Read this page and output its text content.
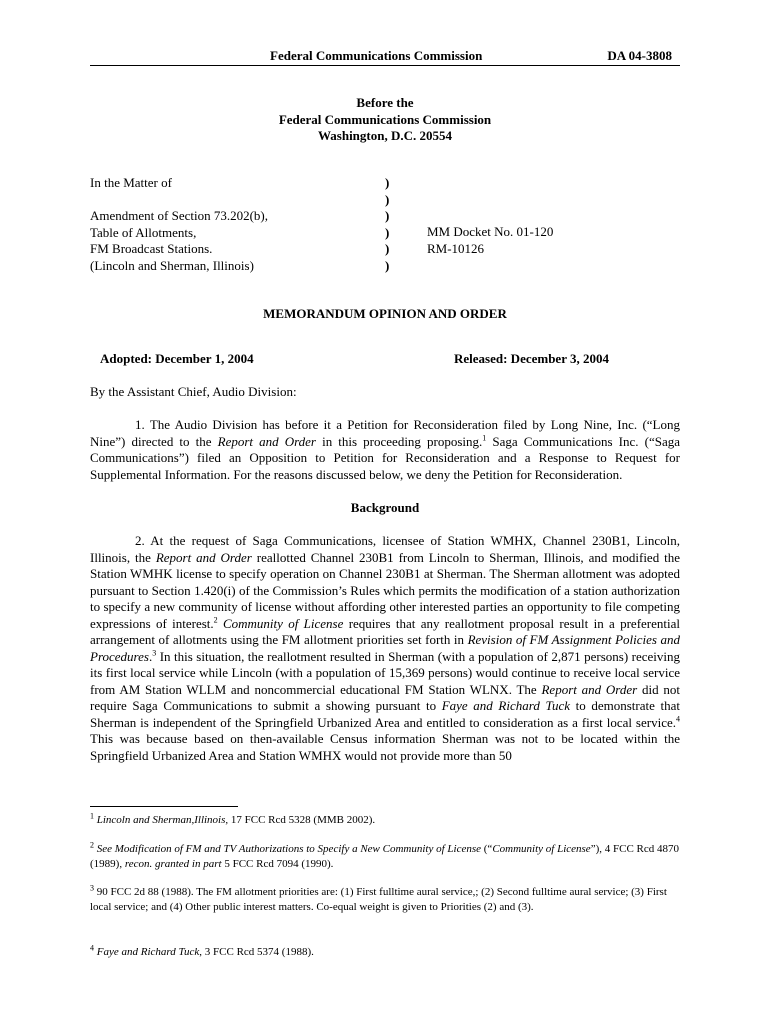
Federal Communications Commission	DA 04-3808
Before the
Federal Communications Commission
Washington, D.C. 20554
In the Matter of
Amendment of Section 73.202(b),
Table of Allotments,
FM Broadcast Stations.
(Lincoln and Sherman, Illinois)
)
)
)
)
)
)
MM Docket No. 01-120
RM-10126
MEMORANDUM OPINION AND ORDER
Adopted: December 1, 2004	Released: December 3, 2004
By the Assistant Chief, Audio Division:
1. The Audio Division has before it a Petition for Reconsideration filed by Long Nine, Inc. (“Long Nine”) directed to the Report and Order in this proceeding proposing.$^1$ Saga Communications Inc. (“Saga Communications”) filed an Opposition to Petition for Reconsideration and a Response to Request for Supplemental Information. For the reasons discussed below, we deny the Petition for Reconsideration.
Background
2. At the request of Saga Communications, licensee of Station WMHX, Channel 230B1, Lincoln, Illinois, the Report and Order reallotted Channel 230B1 from Lincoln to Sherman, Illinois, and modified the Station WMHK license to specify operation on Channel 230B1 at Sherman. The Sherman allotment was adopted pursuant to Section 1.420(i) of the Commission’s Rules which permits the modification of a station authorization to specify a new community of license without affording other interested parties an opportunity to file competing expressions of interest.$^2$ Community of License requires that any reallotment proposal result in a preferential arrangement of allotments using the FM allotment priorities set forth in Revision of FM Assignment Policies and Procedures.$^3$ In this situation, the reallotment resulted in Sherman (with a population of 2,871 persons) receiving its first local service while Lincoln (with a population of 15,369 persons) would continue to receive local service from AM Station WLLM and noncommercial educational FM Station WLNX. The Report and Order did not require Saga Communications to submit a showing pursuant to Faye and Richard Tuck to demonstrate that Sherman is independent of the Springfield Urbanized Area and entitled to consideration as a first local service.$^4$ This was because based on then-available Census information Sherman was not to be located within the Springfield Urbanized Area and Station WMHX would not provide more than 50
$^1$ Lincoln and Sherman,Illinois, 17 FCC Rcd 5328 (MMB 2002).
$^2$ See Modification of FM and TV Authorizations to Specify a New Community of License (“Community of License”), 4 FCC Rcd 4870 (1989), recon. granted in part 5 FCC Rcd 7094 (1990).
$^3$ 90 FCC 2d 88 (1988). The FM allotment priorities are: (1) First fulltime aural service,; (2) Second fulltime aural service; (3) First local service; and (4) Other public interest matters. Co-equal weight is given to Priorities (2) and (3).
$^4$ Faye and Richard Tuck, 3 FCC Rcd 5374 (1988).
